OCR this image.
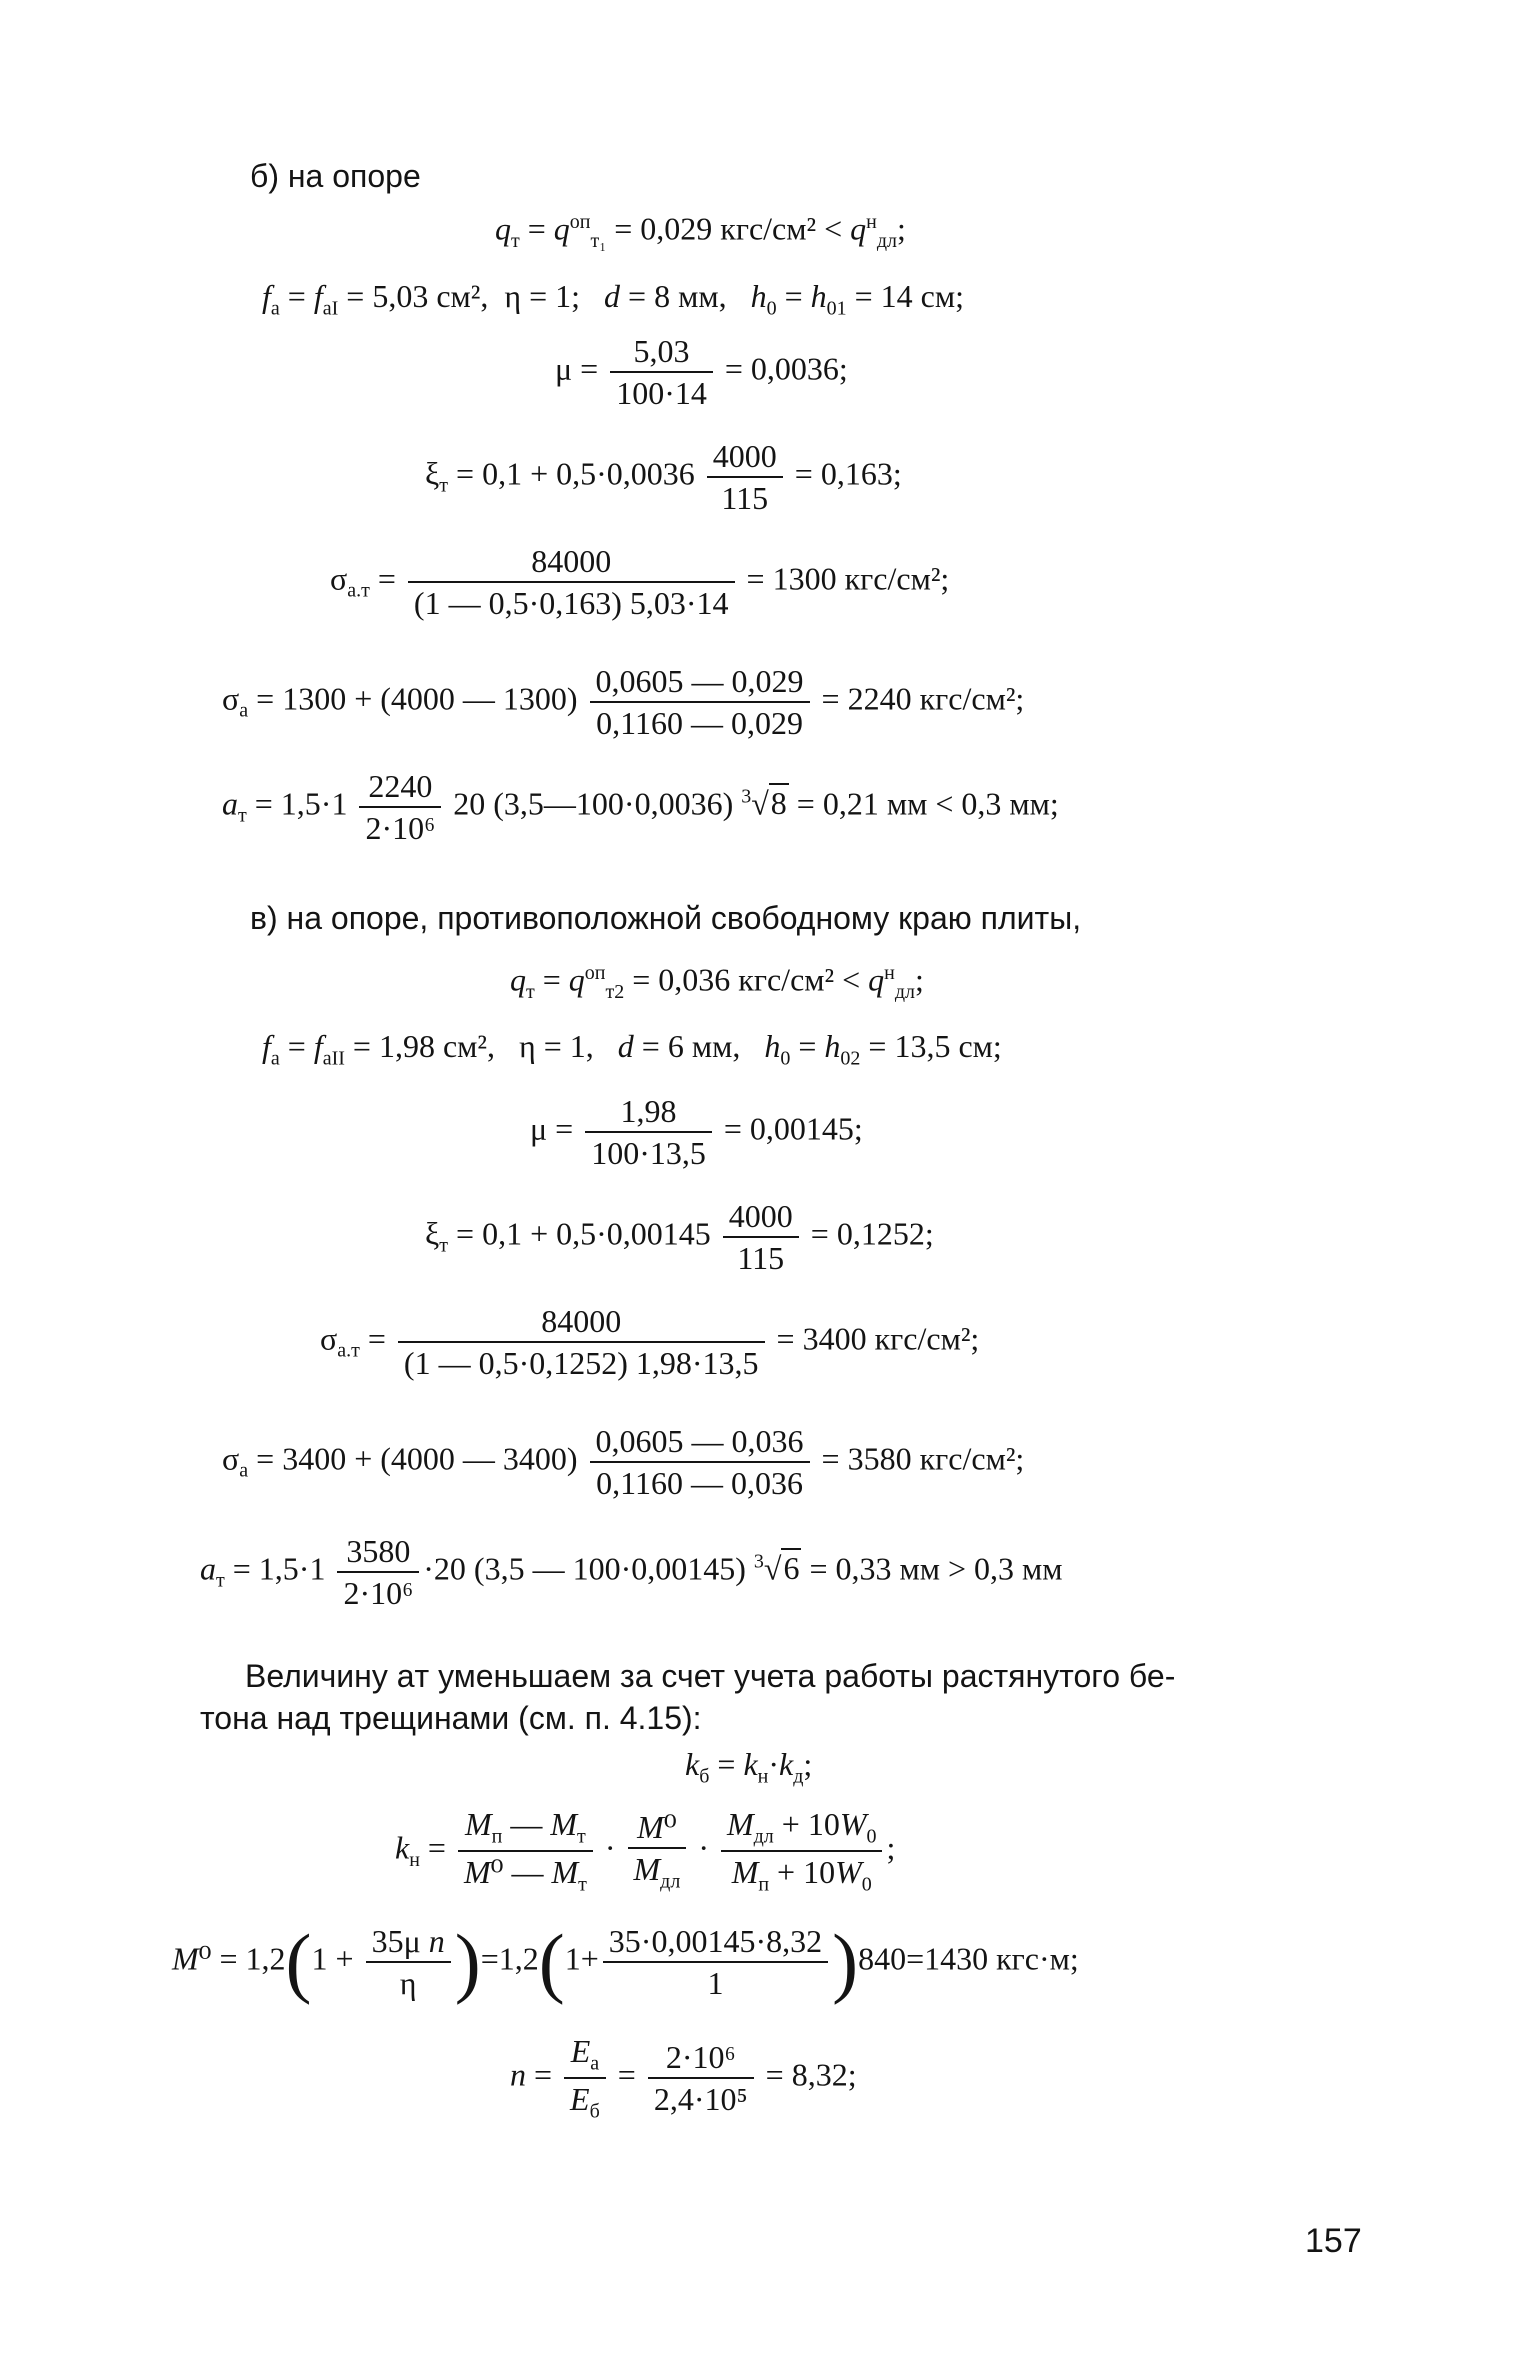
б) на опоре
$q_т = q^{оп}_{т_1} = 0,029$ $кгс/см^2 < q^н_{дл}$;
$f_а = f_{аI} = 5,03$ см²,  η = 1;   d = 8 мм,   $h_0 = h_{01} = 14$ см;
$\mu = \frac{5,03}{100\cdot 14} = 0,0036$;
$\xi_т = 0,1 + 0,5\cdot 0,0036 \frac{4000}{115} = 0,163$;
$\sigma_{а.т} = \frac{84000}{(1 — 0,5\cdot 0,163) 5,03\cdot 14} = 1300$ кгс/см²;
$\sigma_а = 1300 + (4000$ — $1300) \frac{0,0605 — 0,029}{0,1160 — 0,029} = 2240$ кгс/см²;
$a_т = 1,5\cdot 1 \frac{2240}{\text{2·10⁶}} 20$ (3,5—100·0,0036) $^3$√8 = 0,21 мм < 0,3 мм;
в) на опоре, противоположной свободному краю плиты,
$q_т = q^{оп}_{т2} = 0,036$ $кгс/см^2 < q^н_{дл}$;
$f_а = f_{аII} = 1,98$ см²,   η = 1,   d = 6 мм,   $h_0 = h_{02} = 13,5$ см;
$\mu = \frac{1,98}{100\cdot 13,5} = 0,00145$;
$\xi_т = 0,1 + 0,5\cdot 0,00145 \frac{4000}{115} = 0,1252$;
$\sigma_{а.т} = \frac{84000}{(1 — 0,5\cdot 0,1252) 1,98\cdot 13,5} = 3400$ кгс/см²;
$\sigma_а = 3400 + (4000$ — $3400) \frac{0,0605 — 0,036}{0,1160 — 0,036} = 3580$ кгс/см²;
$a_т = 1,5\cdot 1 \frac{3580}{\text{2·10⁶}} \cdot 20$ (3,5 — 100·0,00145) $^3$√6 = 0,33 мм > 0,3 мм
Величину aт уменьшаем за счет учета работы растянутого бе-
тона над трещинами (см. п. 4.15):
$k_б = k_н\cdot k_д$;
$k_н$ =
$M_п$ — $M_т$
M⁰ — $M_т$
·
M⁰
$M_{дл}$
·
$M_{дл} + 10W_0$
$M_п + 10W_0$
;
$M^0 = 1,2(1 + \frac{\text{35μ n}}{\eta} )=1,2(1+ \frac{35\cdot 0,00145\cdot 8,32}{1} )840=1430$ кгс·м;
n =
$E_а$
$E_б$
= $\frac{\text{2·10⁶}}{\text{2,4·10⁵}} = 8,32$;
157
